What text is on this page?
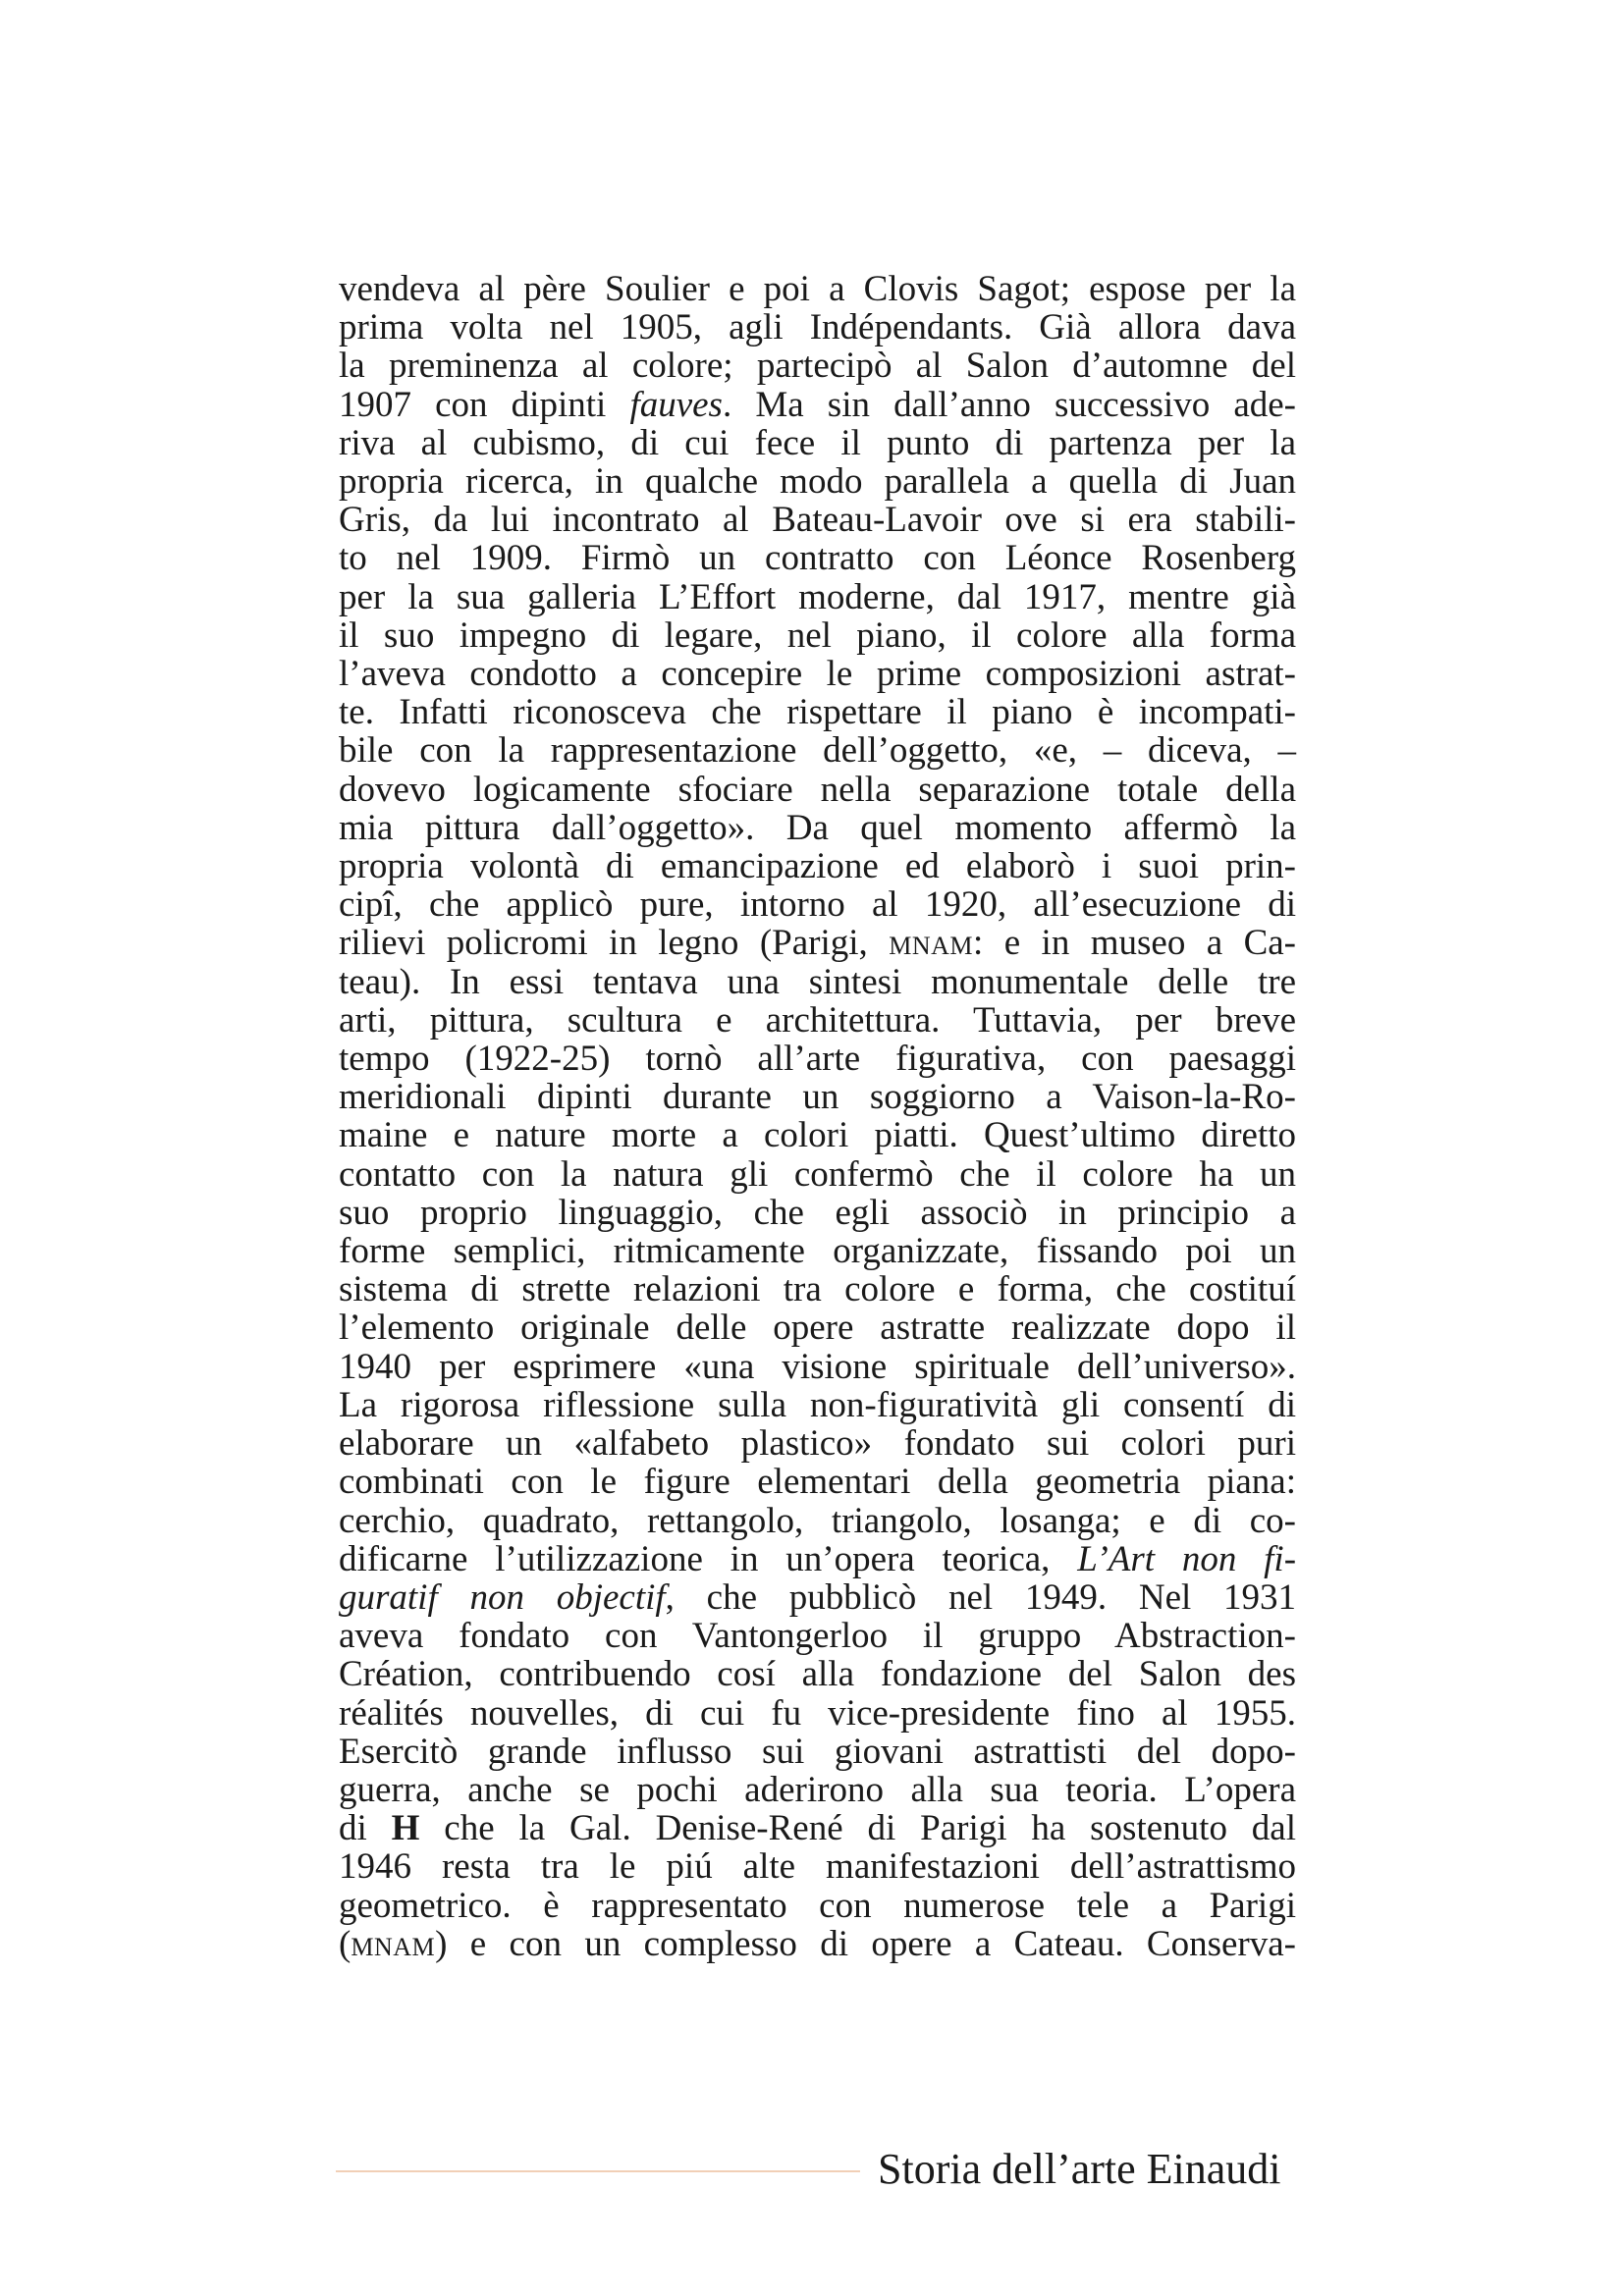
vendeva al père Soulier e poi a Clovis Sagot; espose per la
prima volta nel 1905, agli Indépendants. Già allora dava
la preminenza al colore; partecipò al Salon d’automne del
1907 con dipinti fauves. Ma sin dall’anno successivo ade-
riva al cubismo, di cui fece il punto di partenza per la
propria ricerca, in qualche modo parallela a quella di Juan
Gris, da lui incontrato al Bateau-Lavoir ove si era stabili-
to nel 1909. Firmò un contratto con Léonce Rosenberg
per la sua galleria L’Effort moderne, dal 1917, mentre già
il suo impegno di legare, nel piano, il colore alla forma
l’aveva condotto a concepire le prime composizioni astrat-
te. Infatti riconosceva che rispettare il piano è incompati-
bile con la rappresentazione dell’oggetto, «e, – diceva, –
dovevo logicamente sfociare nella separazione totale della
mia pittura dall’oggetto». Da quel momento affermò la
propria volontà di emancipazione ed elaborò i suoi prin-
cipî, che applicò pure, intorno al 1920, all’esecuzione di
rilievi policromi in legno (Parigi, mnam: e in museo a Ca-
teau). In essi tentava una sintesi monumentale delle tre
arti, pittura, scultura e architettura. Tuttavia, per breve
tempo (1922-25) tornò all’arte figurativa, con paesaggi
meridionali dipinti durante un soggiorno a Vaison-la-Ro-
maine e nature morte a colori piatti. Quest’ultimo diretto
contatto con la natura gli confermò che il colore ha un
suo proprio linguaggio, che egli associò in principio a
forme semplici, ritmicamente organizzate, fissando poi un
sistema di strette relazioni tra colore e forma, che costituí
l’elemento originale delle opere astratte realizzate dopo il
1940 per esprimere «una visione spirituale dell’universo».
La rigorosa riflessione sulla non-figuratività gli consentí di
elaborare un «alfabeto plastico» fondato sui colori puri
combinati con le figure elementari della geometria piana:
cerchio, quadrato, rettangolo, triangolo, losanga; e di co-
dificarne l’utilizzazione in un’opera teorica, L’Art non fi-
guratif non objectif, che pubblicò nel 1949. Nel 1931
aveva fondato con Vantongerloo il gruppo Abstraction-
Création, contribuendo cosí alla fondazione del Salon des
réalités nouvelles, di cui fu vice-presidente fino al 1955.
Esercitò grande influsso sui giovani astrattisti del dopo-
guerra, anche se pochi aderirono alla sua teoria. L’opera
di H che la Gal. Denise-René di Parigi ha sostenuto dal
1946 resta tra le piú alte manifestazioni dell’astrattismo
geometrico. è rappresentato con numerose tele a Parigi
(mnam) e con un complesso di opere a Cateau. Conserva-
Storia dell’arte Einaudi
